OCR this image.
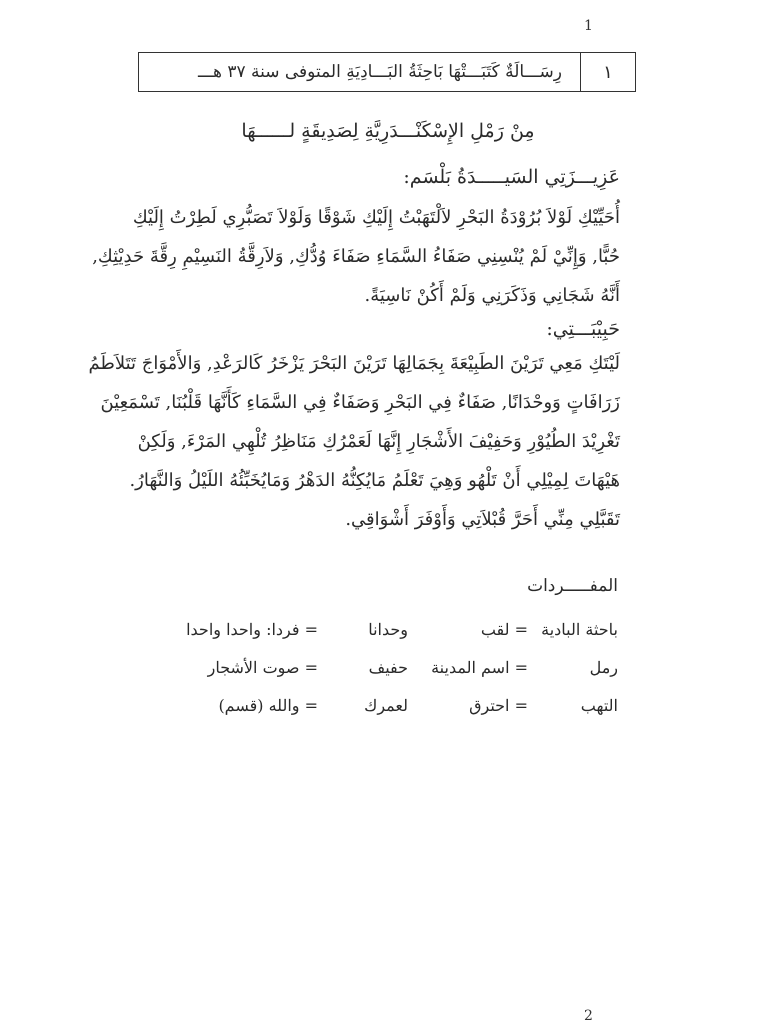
1
١
رِسَـــالَةٌ كَتَبَـــتْهَا بَاحِثَةُ البَـــادِيَةِ المتوفى سنة ٣٧ هـــ
مِنْ رَمْلِ الإِسْكَنْـــدَرِيَّةِ لِصَدِيقَةٍ لــــــهَا
عَزِيـــزَتِي السَيـــــدَةُ بَلْسَم:
أُحَيِّيْكِ لَوْلاَ بُرُوْدَةُ البَحْرِ لاَلْتَهَبْتُ إِلَيْكِ شَوْقًا وَلَوْلاَ تَصَبُّرِي لَطِرْتُ إِلَيْكِ
حُبًّا, وَإِنِّيْ لَمْ يُنْسِنِي صَفَاءُ السَّمَاءِ صَفَاءَ وُدُّكِ, وَلاَرِقَّةُ النَسِيْمِ رِقَّةَ حَدِيْثِكِ,
أَنَّهُ شَجَانِي وَذَكَرَنِي وَلَمْ أَكُنْ نَاسِيَةً.
حَبِيْبَـــتِي:
لَيْتَكِ مَعِي تَرَيْنَ الطَبِيْعَةَ بِجَمَالِهَا تَرَيْنَ البَحْرَ يَزْخَرُ كَالرَعْدِ, وَالأَمْوَاجَ تَتَلاَطَمُ
زَرَافَاتٍ وَوحْدَانًا, صَفَاءٌ فِي البَحْرِ وَصَفَاءٌ فِي السَّمَاءِ كَأَنَّهَا قَلْبُنَا, تَسْمَعِيْنَ
تَغْرِيْدَ الطُيُوْرِ وَحَفِيْفَ الأَشْجَارِ إِنَّهَا لَعَمْرُكِ مَنَاظِرُ تُلْهِي المَرْءَ, وَلَكِنْ
هَيْهَاتَ لِمِيْلِي أَنْ تَلْهُو وَهِيَ تَعْلَمُ مَايُكِنُّهُ الدَهْرُ وَمَايُخَبِّئُهُ اللَيْلُ وَالنَّهَارُ.
تَقَبَّلِي مِنِّي أَحَرَّ قُبْلاَتِي وَأَوْفَرَ أَشْوَاقِي.
المفـــــردات
باحثة البادية
= لقب
وحدانا
= فردا: واحدا واحدا
رمل
= اسم المدينة
حفيف
= صوت الأشجار
التهب
= احترق
لعمرك
= والله (قسم)
2
